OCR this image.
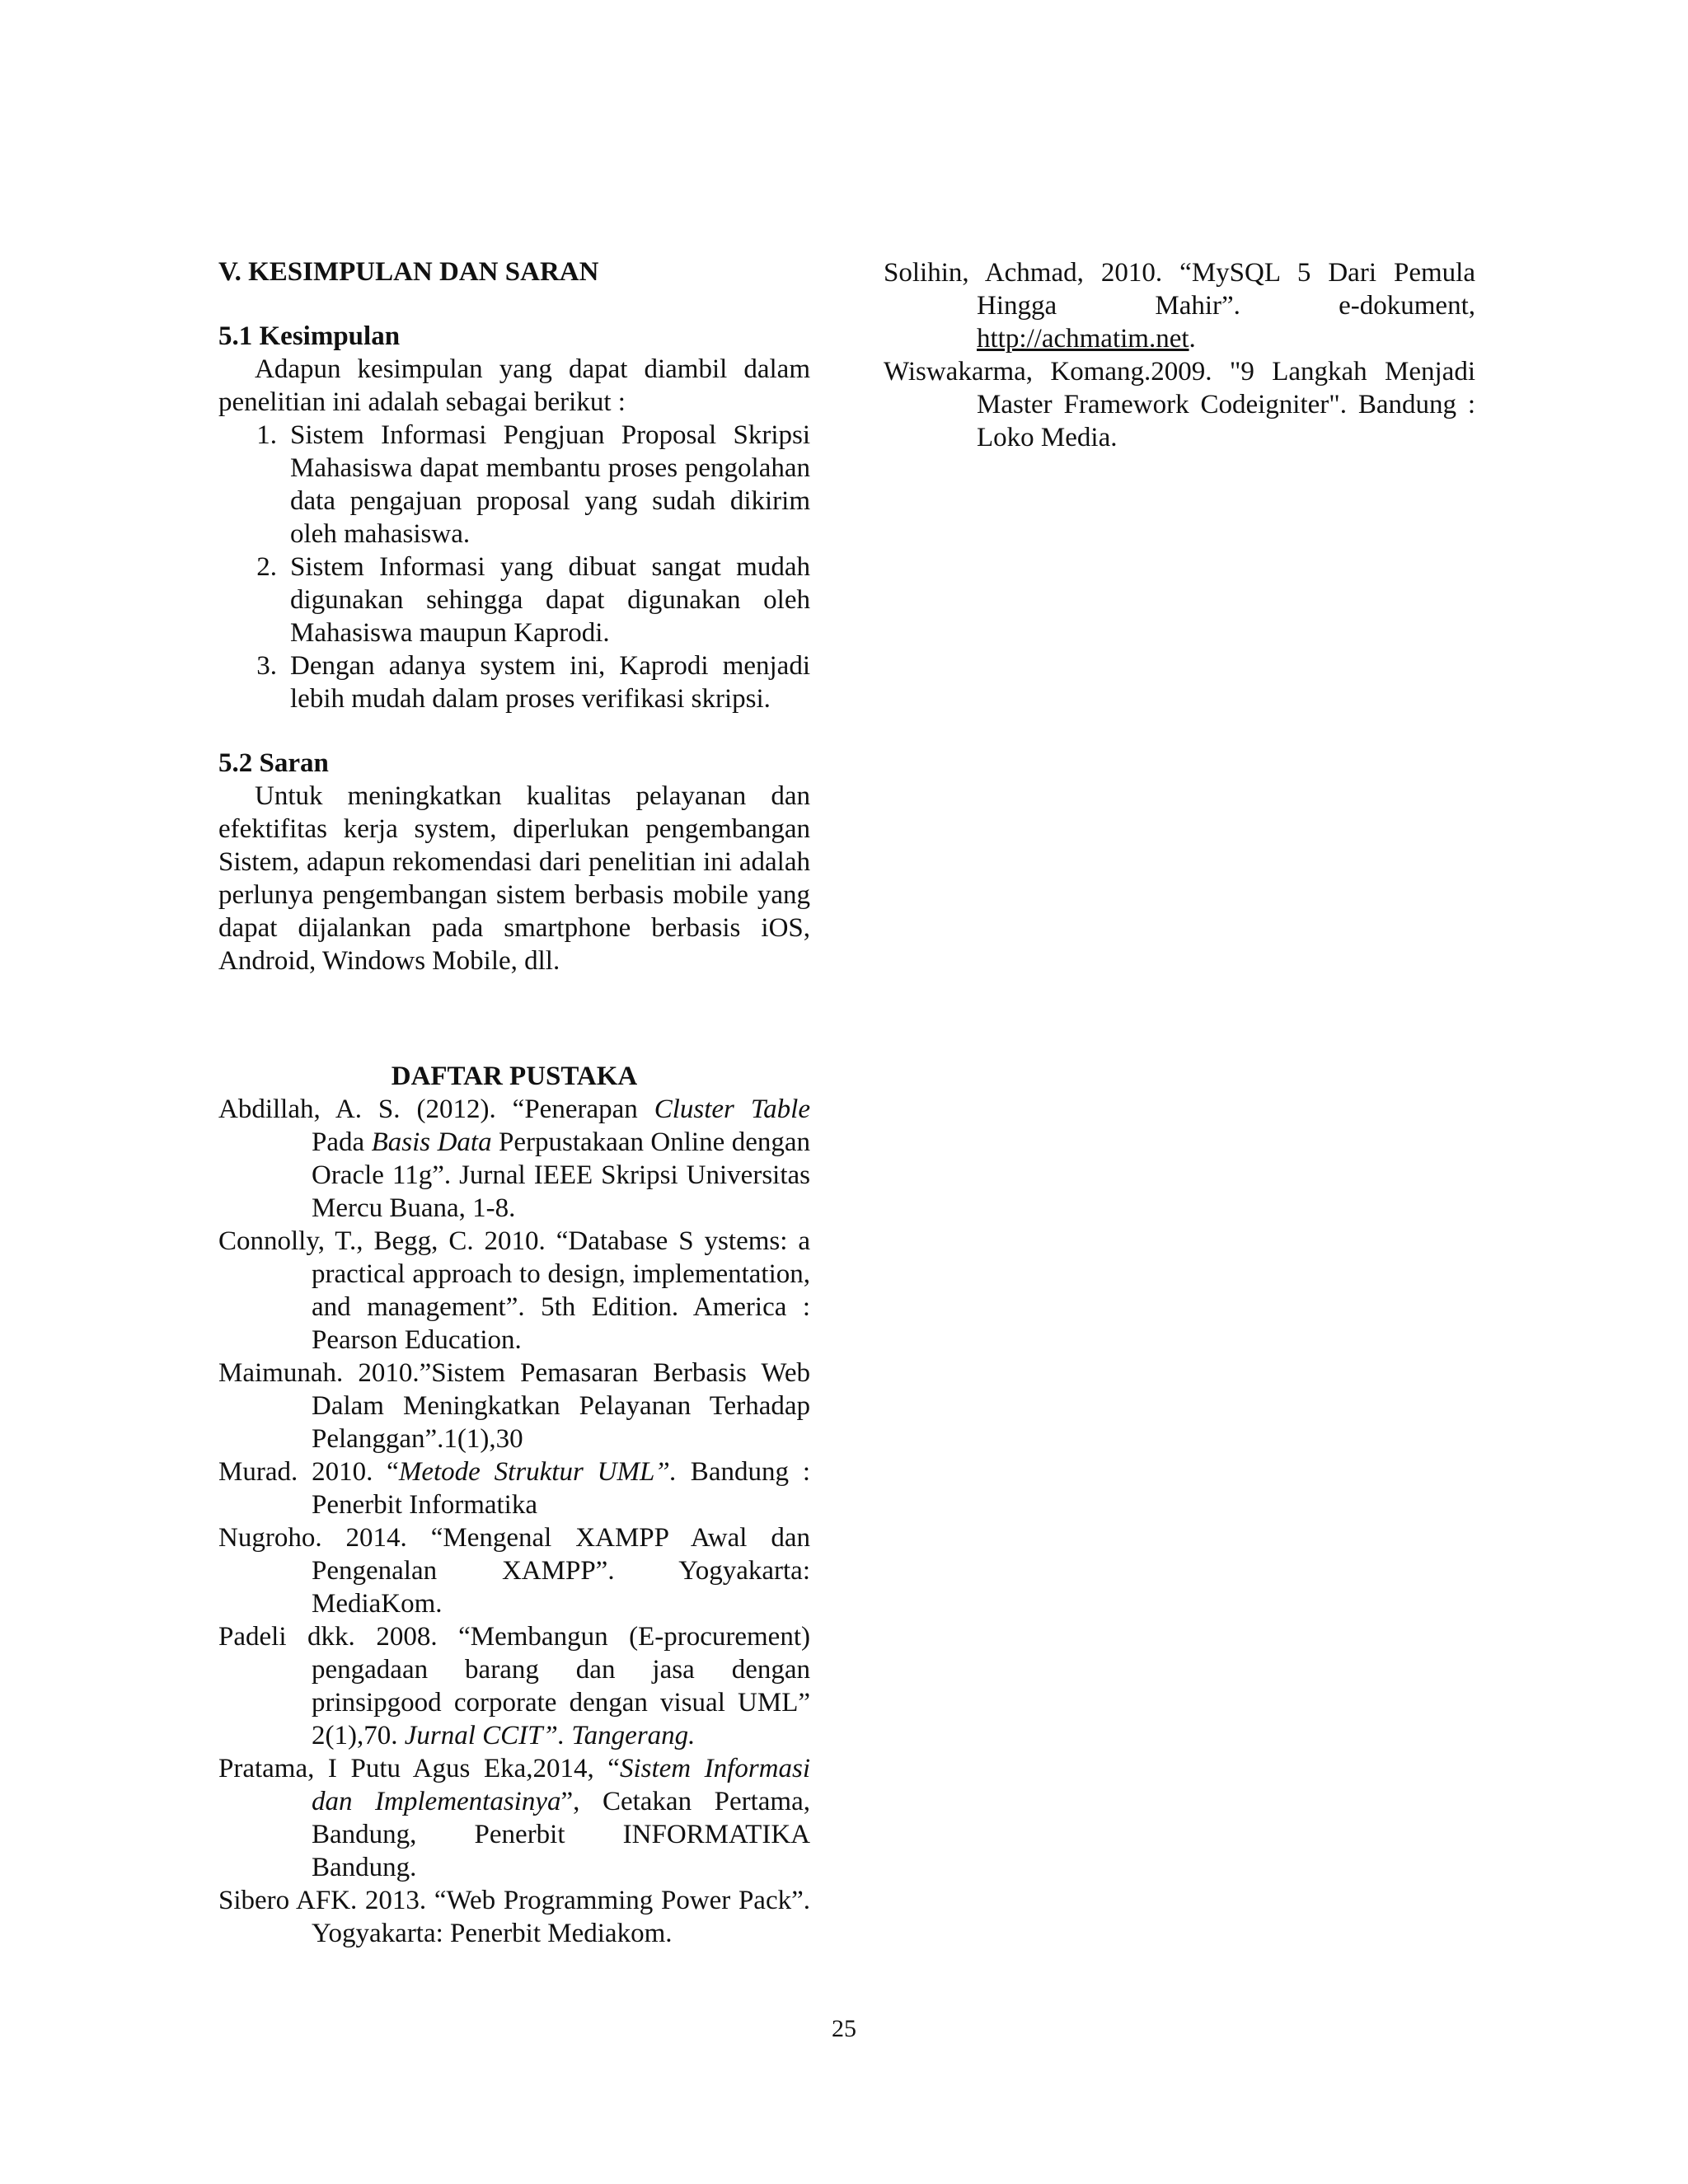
V. KESIMPULAN DAN SARAN

5.1 Kesimpulan

Adapun kesimpulan yang dapat diambil dalam penelitian ini adalah sebagai berikut :

1. Sistem Informasi Pengjuan Proposal Skripsi Mahasiswa dapat membantu proses pengolahan data pengajuan proposal yang sudah dikirim oleh mahasiswa.
2. Sistem Informasi yang dibuat sangat mudah digunakan sehingga dapat digunakan oleh Mahasiswa maupun Kaprodi.
3. Dengan adanya system ini, Kaprodi menjadi lebih mudah dalam proses verifikasi skripsi.

5.2 Saran

Untuk meningkatkan kualitas pelayanan dan efektifitas kerja system, diperlukan pengembangan Sistem, adapun rekomendasi dari penelitian ini adalah perlunya pengembangan sistem berbasis mobile yang dapat dijalankan pada smartphone berbasis iOS, Android, Windows Mobile, dll.

DAFTAR PUSTAKA

Abdillah, A. S. (2012). “Penerapan Cluster Table Pada Basis Data Perpustakaan Online dengan Oracle 11g”. Jurnal IEEE Skripsi Universitas Mercu Buana, 1-8.

Connolly, T., Begg, C. 2010. “Database S ystems: a practical approach to design, implementation, and management”. 5th Edition. America : Pearson Education.

Maimunah. 2010.”Sistem Pemasaran Berbasis Web Dalam Meningkatkan Pelayanan Terhadap Pelanggan”.1(1),30

Murad. 2010. “Metode Struktur UML”. Bandung : Penerbit Informatika

Nugroho. 2014. “Mengenal XAMPP Awal dan Pengenalan XAMPP”. Yogyakarta: MediaKom.

Padeli dkk. 2008. “Membangun (E-procurement) pengadaan barang dan jasa dengan prinsipgood corporate dengan visual UML” 2(1),70. Jurnal CCIT”. Tangerang.

Pratama, I Putu Agus Eka,2014, “Sistem Informasi dan Implementasinya”, Cetakan Pertama, Bandung, Penerbit INFORMATIKA Bandung.

Sibero AFK. 2013. “Web Programming Power Pack”. Yogyakarta: Penerbit Mediakom.

Solihin, Achmad, 2010. “MySQL 5 Dari Pemula Hingga Mahir”. e-dokument, http://achmatim.net.

Wiswakarma, Komang.2009. "9 Langkah Menjadi Master Framework Codeigniter". Bandung : Loko Media.

25
